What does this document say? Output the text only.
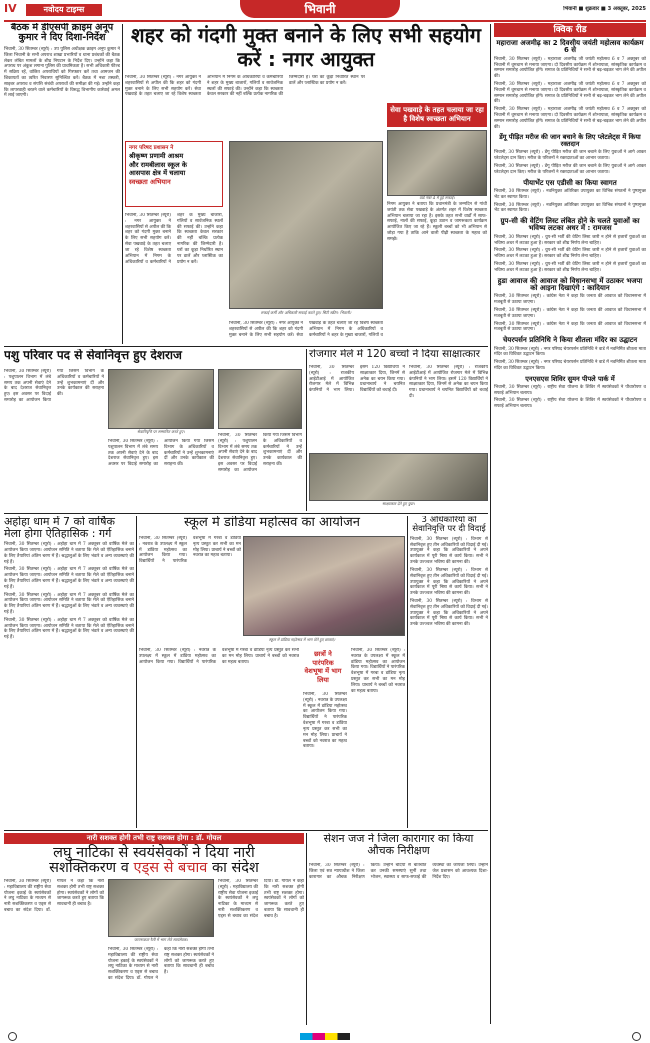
IV	नवोदय टाइम्स	भिवानी	भिवानी ■ शुक्रवार ■ 3 अक्तूबर, 2025
बैठक में डीएसपी क्राइम अनूप कुमार ने दिए दिशा-निर्देश
भिवानी, 30 सितम्बर (ब्यूरो) : उप पुलिस अधीक्षक क्राइम अनूप कुमार ने जिला भिवानी के सभी अपराध शाखा प्रभारियों व थाना प्रबंधकों की बैठक लेकर लंबित मामलों के शीघ्र निपटान के निर्देश दिए। उन्होंने कहा कि अपराध पर अंकुश लगाना पुलिस की प्राथमिकता है। सभी अधिकारी फील्ड में सक्रिय रहें, वांछित अपराधियों को गिरफ्तार करें तथा आमजन की शिकायतों का त्वरित निवारण सुनिश्चित करें। बैठक में नशा तस्करी, साइबर अपराध व संपत्ति संबंधी अपराधों की समीक्षा की गई। उन्होंने कहा कि लापरवाही बरतने वाले कर्मचारियों के विरुद्ध विभागीय कार्रवाई अमल में लाई जाएगी।
शहर को गंदगी मुक्त बनाने के लिए सभी सहयोग करें : नगर आयुक्त
भिवानी, 30 सितम्बर (ब्यूरो) : नगर आयुक्त ने शहरवासियों से अपील की कि शहर को गंदगी मुक्त बनाने के लिए सभी सहयोग करें। सेवा पखवाड़े के तहत चलाए जा रहे विशेष स्वच्छता अभियान में निगम के अधिकारियों व कर्मचारियों ने शहर के मुख्य बाजारों, गलियों व सार्वजनिक स्थलों की सफाई की। उन्होंने कहा कि स्वच्छता केवल सरकार की नहीं बल्कि प्रत्येक नागरिक की जिम्मेदारी है। घरों का कूड़ा निर्धारित स्थान पर डालें और प्लास्टिक का प्रयोग न करें।
नगर परिषद प्रशासन ने
श्रीकृष्ण प्रणामी आश्रम
और रामबीलास स्कूल के
आसपास क्षेत्र में चलाया
स्वच्छता अभियान
भिवानी, 30 सितम्बर (ब्यूरो) : नगर आयुक्त ने शहरवासियों से अपील की कि शहर को गंदगी मुक्त बनाने के लिए सभी सहयोग करें। सेवा पखवाड़े के तहत चलाए जा रहे विशेष स्वच्छता अभियान में निगम के अधिकारियों व कर्मचारियों ने शहर के मुख्य बाजारों, गलियों व सार्वजनिक स्थलों की सफाई की। उन्होंने कहा कि स्वच्छता केवल सरकार की नहीं बल्कि प्रत्येक नागरिक की जिम्मेदारी है। घरों का कूड़ा निर्धारित स्थान पर डालें और प्लास्टिक का प्रयोग न करें।
सफाई कर्मी और अधिकारी सफाई करते हुए। सिटी स्क्रीन: भिवानी।
भिवानी, 30 सितम्बर (ब्यूरो) : नगर आयुक्त ने शहरवासियों से अपील की कि शहर को गंदगी मुक्त बनाने के लिए सभी सहयोग करें। सेवा पखवाड़े के तहत चलाए जा रहे विशेष स्वच्छता अभियान में निगम के अधिकारियों व कर्मचारियों ने शहर के मुख्य बाजारों, गलियों व
सेवा पखवाड़े के तहत चलाया जा रहा है विशेष स्वच्छता अभियान
वार्ड नंबर 4 में हुई सफाई।
निगम आयुक्त ने बताया कि प्रधानमंत्री के जन्मदिन से गांधी जयंती तक सेवा पखवाड़े के अंतर्गत शहर में विशेष स्वच्छता अभियान चलाया जा रहा है। इसके तहत सभी वार्डों में साफ-सफाई, नालों की सफाई, कूड़ा उठान व जागरूकता कार्यक्रम आयोजित किए जा रहे हैं। स्कूली बच्चों को भी अभियान से जोड़ा गया है ताकि आने वाली पीढ़ी स्वच्छता के महत्व को समझे।
क्विक रीड
महाराजा अजमीढ़ का 2 दिवसीय जयंती महोत्सव कार्यक्रम 6 से
भिवानी, 30 सितम्बर (ब्यूरो) : महाराजा अजमीढ़ जी जयंती महोत्सव 6 व 7 अक्तूबर को भिवानी में धूमधाम से मनाया जाएगा। दो दिवसीय कार्यक्रम में शोभायात्रा, सांस्कृतिक कार्यक्रम व सम्मान समारोह आयोजित होंगे। समाज के प्रतिनिधियों ने सभी से बढ़-चढ़कर भाग लेने की अपील की।
भिवानी, 30 सितम्बर (ब्यूरो) : महाराजा अजमीढ़ जी जयंती महोत्सव 6 व 7 अक्तूबर को भिवानी में धूमधाम से मनाया जाएगा। दो दिवसीय कार्यक्रम में शोभायात्रा, सांस्कृतिक कार्यक्रम व सम्मान समारोह आयोजित होंगे। समाज के प्रतिनिधियों ने सभी से बढ़-चढ़कर भाग लेने की अपील की।
भिवानी, 30 सितम्बर (ब्यूरो) : महाराजा अजमीढ़ जी जयंती महोत्सव 6 व 7 अक्तूबर को भिवानी में धूमधाम से मनाया जाएगा। दो दिवसीय कार्यक्रम में शोभायात्रा, सांस्कृतिक कार्यक्रम व सम्मान समारोह आयोजित होंगे। समाज के प्रतिनिधियों ने सभी से बढ़-चढ़कर भाग लेने की अपील की।
डेंगू पीड़ित मरीज की जान बचाने के लिए प्लेटलेट्स में किया रक्तदान
भिवानी, 30 सितम्बर (ब्यूरो) : डेंगू पीड़ित मरीज की जान बचाने के लिए युवाओं ने आगे आकर प्लेटलेट्स दान किए। मरीज के परिजनों ने रक्तदाताओं का आभार जताया।
भिवानी, 30 सितम्बर (ब्यूरो) : डेंगू पीड़ित मरीज की जान बचाने के लिए युवाओं ने आगे आकर प्लेटलेट्स दान किए। मरीज के परिजनों ने रक्तदाताओं का आभार जताया।
पीयाभेंट एस एडीसी का किया स्वागत
भिवानी, 30 सितम्बर (ब्यूरो) : नवनियुक्त अतिरिक्त उपायुक्त का विभिन्न संगठनों ने पुष्पगुच्छ भेंट कर स्वागत किया।
भिवानी, 30 सितम्बर (ब्यूरो) : नवनियुक्त अतिरिक्त उपायुक्त का विभिन्न संगठनों ने पुष्पगुच्छ भेंट कर स्वागत किया।
ग्रुप-सी की वेटिंग लिस्ट लंबित होने के चलते युवाओं का भविष्य लटका अधर में : रामजस
भिवानी, 30 सितम्बर (ब्यूरो) : ग्रुप-सी भर्ती की वेटिंग लिस्ट जारी न होने से हजारों युवाओं का भविष्य अधर में लटका हुआ है। सरकार को शीघ्र निर्णय लेना चाहिए।
भिवानी, 30 सितम्बर (ब्यूरो) : ग्रुप-सी भर्ती की वेटिंग लिस्ट जारी न होने से हजारों युवाओं का भविष्य अधर में लटका हुआ है। सरकार को शीघ्र निर्णय लेना चाहिए।
भिवानी, 30 सितम्बर (ब्यूरो) : ग्रुप-सी भर्ती की वेटिंग लिस्ट जारी न होने से हजारों युवाओं का भविष्य अधर में लटका हुआ है। सरकार को शीघ्र निर्णय लेना चाहिए।
हुडा आवाज की आवाज को विधानसभा में उठाकर भजपा को आइना दिखाएंगे : कादियान
भिवानी, 30 सितम्बर (ब्यूरो) : कांग्रेस नेता ने कहा कि जनता की आवाज को विधानसभा में मजबूती से उठाया जाएगा।
भिवानी, 30 सितम्बर (ब्यूरो) : कांग्रेस नेता ने कहा कि जनता की आवाज को विधानसभा में मजबूती से उठाया जाएगा।
भिवानी, 30 सितम्बर (ब्यूरो) : कांग्रेस नेता ने कहा कि जनता की आवाज को विधानसभा में मजबूती से उठाया जाएगा।
चेयरपर्सन प्रतिनिधि ने किया शीतला मंदिर का उद्घाटन
भिवानी, 30 सितम्बर (ब्यूरो) : नगर परिषद चेयरपर्सन प्रतिनिधि ने वार्ड में नवनिर्मित शीतला माता मंदिर का विधिवत उद्घाटन किया।
भिवानी, 30 सितम्बर (ब्यूरो) : नगर परिषद चेयरपर्सन प्रतिनिधि ने वार्ड में नवनिर्मित शीतला माता मंदिर का विधिवत उद्घाटन किया।
एनएसएस शिविर सुमन पीपले पार्क में
भिवानी, 30 सितम्बर (ब्यूरो) : राष्ट्रीय सेवा योजना के शिविर में स्वयंसेवकों ने पौधारोपण व सफाई अभियान चलाया।
भिवानी, 30 सितम्बर (ब्यूरो) : राष्ट्रीय सेवा योजना के शिविर में स्वयंसेवकों ने पौधारोपण व सफाई अभियान चलाया।
पशु परिवार पद से सेवानिवृत्त हुए देशराज
भिवानी, 30 सितम्बर (ब्यूरो) : पशुपालन विभाग में लंबे समय तक अपनी सेवाएं देने के बाद देशराज सेवानिवृत्त हुए। इस अवसर पर विदाई समारोह का आयोजन किया गया जिसमें विभाग के अधिकारियों व कर्मचारियों ने उन्हें शुभकामनाएं दीं और उनके कार्यकाल की सराहना की।
सेवानिवृत्ति पर सम्मानित करते हुए।
भिवानी, 30 सितम्बर (ब्यूरो) : पशुपालन विभाग में लंबे समय तक अपनी सेवाएं देने के बाद देशराज सेवानिवृत्त हुए। इस अवसर पर विदाई समारोह का आयोजन किया गया जिसमें विभाग के अधिकारियों व कर्मचारियों ने उन्हें शुभकामनाएं दीं और उनके कार्यकाल की सराहना की।
भिवानी, 30 सितम्बर (ब्यूरो) : पशुपालन विभाग में लंबे समय तक अपनी सेवाएं देने के बाद देशराज सेवानिवृत्त हुए। इस अवसर पर विदाई समारोह का आयोजन किया गया जिसमें विभाग के अधिकारियों व कर्मचारियों ने उन्हें शुभकामनाएं दीं और उनके कार्यकाल की सराहना की।
रोजगार मेले में 120 बच्चों ने दिया साक्षात्कार
भिवानी, 30 सितम्बर (ब्यूरो) : राजकीय आईटीआई में आयोजित रोजगार मेले में विभिन्न कंपनियों ने भाग लिया। इसमें 120 विद्यार्थियों ने साक्षात्कार दिया, जिनमें से अनेक का चयन किया गया। प्रधानाचार्य ने चयनित विद्यार्थियों को बधाई दी।
भिवानी, 30 सितम्बर (ब्यूरो) : राजकीय आईटीआई में आयोजित रोजगार मेले में विभिन्न कंपनियों ने भाग लिया। इसमें 120 विद्यार्थियों ने साक्षात्कार दिया, जिनमें से अनेक का चयन किया गया। प्रधानाचार्य ने चयनित विद्यार्थियों को बधाई दी।
साक्षात्कार देते हुए युवा।
अहोहा धाम में 7 को वार्षिक मेला होगा ऐतिहासिक : गर्ग
भिवानी, 30 सितम्बर (ब्यूरो) : अहोहा धाम में 7 अक्तूबर को वार्षिक मेले का आयोजन किया जाएगा। आयोजन समिति ने बताया कि मेले को ऐतिहासिक बनाने के लिए तैयारियां अंतिम चरण में हैं। श्रद्धालुओं के लिए भंडारे व अन्य व्यवस्थाएं की गई हैं।
भिवानी, 30 सितम्बर (ब्यूरो) : अहोहा धाम में 7 अक्तूबर को वार्षिक मेले का आयोजन किया जाएगा। आयोजन समिति ने बताया कि मेले को ऐतिहासिक बनाने के लिए तैयारियां अंतिम चरण में हैं। श्रद्धालुओं के लिए भंडारे व अन्य व्यवस्थाएं की गई हैं।
भिवानी, 30 सितम्बर (ब्यूरो) : अहोहा धाम में 7 अक्तूबर को वार्षिक मेले का आयोजन किया जाएगा। आयोजन समिति ने बताया कि मेले को ऐतिहासिक बनाने के लिए तैयारियां अंतिम चरण में हैं। श्रद्धालुओं के लिए भंडारे व अन्य व्यवस्थाएं की गई हैं।
भिवानी, 30 सितम्बर (ब्यूरो) : अहोहा धाम में 7 अक्तूबर को वार्षिक मेले का आयोजन किया जाएगा। आयोजन समिति ने बताया कि मेले को ऐतिहासिक बनाने के लिए तैयारियां अंतिम चरण में हैं। श्रद्धालुओं के लिए भंडारे व अन्य व्यवस्थाएं की गई हैं।
स्कूल में डांडिया महोत्सव का आयोजन
भिवानी, 30 सितम्बर (ब्यूरो) : नवरात्र के उपलक्ष्य में स्कूल में डांडिया महोत्सव का आयोजन किया गया। विद्यार्थियों ने पारंपरिक वेशभूषा में गरबा व डांडिया नृत्य प्रस्तुत कर सभी का मन मोह लिया। प्राचार्य ने बच्चों को नवरात्र का महत्व बताया।
स्कूल में डांडिया महोत्सव में भाग लेते हुए छात्राएं।
भिवानी, 30 सितम्बर (ब्यूरो) : नवरात्र के उपलक्ष्य में स्कूल में डांडिया महोत्सव का आयोजन किया गया। विद्यार्थियों ने पारंपरिक वेशभूषा में गरबा व डांडिया नृत्य प्रस्तुत कर सभी का मन मोह लिया। प्राचार्य ने बच्चों को नवरात्र का महत्व बताया।
छात्रों ने पारंपरिक वेशभूषा में भाग लिया
भिवानी, 30 सितम्बर (ब्यूरो) : नवरात्र के उपलक्ष्य में स्कूल में डांडिया महोत्सव का आयोजन किया गया। विद्यार्थियों ने पारंपरिक वेशभूषा में गरबा व डांडिया नृत्य प्रस्तुत कर सभी का मन मोह लिया। प्राचार्य ने बच्चों को नवरात्र का महत्व बताया।
भिवानी, 30 सितम्बर (ब्यूरो) : नवरात्र के उपलक्ष्य में स्कूल में डांडिया महोत्सव का आयोजन किया गया। विद्यार्थियों ने पारंपरिक वेशभूषा में गरबा व डांडिया नृत्य प्रस्तुत कर सभी का मन मोह लिया। प्राचार्य ने बच्चों को नवरात्र का महत्व बताया।
3 अधिकारियों को सेवानिवृत्ति पर दी विदाई
भिवानी, 30 सितम्बर (ब्यूरो) : विभाग से सेवानिवृत्त हुए तीन अधिकारियों को विदाई दी गई। उपायुक्त ने कहा कि अधिकारियों ने अपने कार्यकाल में पूरी निष्ठा से कार्य किया। सभी ने उनके उज्ज्वल भविष्य की कामना की।
भिवानी, 30 सितम्बर (ब्यूरो) : विभाग से सेवानिवृत्त हुए तीन अधिकारियों को विदाई दी गई। उपायुक्त ने कहा कि अधिकारियों ने अपने कार्यकाल में पूरी निष्ठा से कार्य किया। सभी ने उनके उज्ज्वल भविष्य की कामना की।
भिवानी, 30 सितम्बर (ब्यूरो) : विभाग से सेवानिवृत्त हुए तीन अधिकारियों को विदाई दी गई। उपायुक्त ने कहा कि अधिकारियों ने अपने कार्यकाल में पूरी निष्ठा से कार्य किया। सभी ने उनके उज्ज्वल भविष्य की कामना की।
नारी सशक्त होगी तभी राष्ट्र सशक्त होगा : डॉ. गोयल
लघु नाटिका से स्वयंसेवकों ने दिया नारी
सशक्तिकरण व एड्स से बचाव का संदेश
भिवानी, 30 सितम्बर (ब्यूरो) : महाविद्यालय की राष्ट्रीय सेवा योजना इकाई के स्वयंसेवकों ने लघु नाटिका के माध्यम से नारी सशक्तिकरण व एड्स से बचाव का संदेश दिया। डॉ. गोयल ने कहा कि नारी सशक्त होगी तभी राष्ट्र सशक्त होगा। स्वयंसेवकों ने लोगों को जागरूक करते हुए बताया कि सावधानी ही बचाव है।
जागरूकता रैली में भाग लेते स्वयंसेवक।
भिवानी, 30 सितम्बर (ब्यूरो) : महाविद्यालय की राष्ट्रीय सेवा योजना इकाई के स्वयंसेवकों ने लघु नाटिका के माध्यम से नारी सशक्तिकरण व एड्स से बचाव का संदेश दिया। डॉ. गोयल ने कहा कि नारी सशक्त होगी तभी राष्ट्र सशक्त होगा। स्वयंसेवकों ने लोगों को जागरूक करते हुए बताया कि सावधानी ही बचाव है।
भिवानी, 30 सितम्बर (ब्यूरो) : महाविद्यालय की राष्ट्रीय सेवा योजना इकाई के स्वयंसेवकों ने लघु नाटिका के माध्यम से नारी सशक्तिकरण व एड्स से बचाव का संदेश दिया। डॉ. गोयल ने कहा कि नारी सशक्त होगी तभी राष्ट्र सशक्त होगा। स्वयंसेवकों ने लोगों को जागरूक करते हुए बताया कि सावधानी ही बचाव है।
सेशन जज ने जिला कारागार का किया औचक निरीक्षण
भिवानी, 30 सितम्बर (ब्यूरो) : जिला एवं सत्र न्यायाधीश ने जिला कारागार का औचक निरीक्षण किया। उन्होंने बंदियों से बातचीत कर उनकी समस्याएं सुनीं तथा भोजन, स्वास्थ्य व साफ-सफाई की व्यवस्था का जायजा लिया। उन्होंने जेल प्रशासन को आवश्यक दिशा-निर्देश दिए।
